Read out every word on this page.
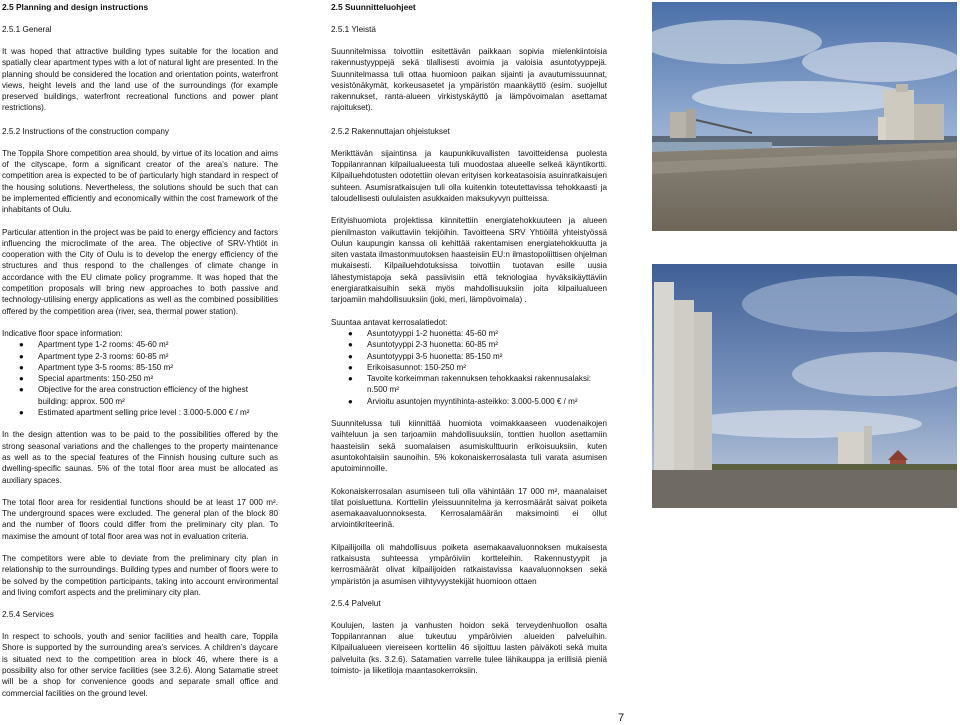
2.5 Planning and design instructions
2.5.1 General

It was hoped that attractive building types suitable for the location and spatially clear apartment types with a lot of natural light are presented. In the planning should be considered the location and orientation points, waterfront views, height levels and the land use of the surroundings (for example preserved buildings, waterfront recreational functions and power plant restrictions).

2.5.2 Instructions of the construction company

The Toppila Shore competition area should, by virtue of its location and aims of the cityscape, form a significant creator of the area’s nature. The competition area is expected to be of particularly high standard in respect of the housing solutions. Nevertheless, the solutions should be such that can be implemented efficiently and economically within the cost framework of the inhabitants of Oulu.

Particular attention in the project was be paid to energy efficiency and factors influencing the microclimate of the area. The objective of SRV-Yhtiöt in cooperation with the City of Oulu is to develop the energy efficiency of the structures and thus respond to the challenges of climate change in accordance with the EU climate policy programme. It was hoped that the competition proposals will bring new approaches to both passive and technology-utilising energy applications as well as the combined possibilities offered by the competition area (river, sea, thermal power station).

Indicative floor space information:

● Apartment type 1-2 rooms: 45-60 m²
● Apartment type 2-3 rooms: 60-85 m²
● Apartment type 3-5 rooms: 85-150 m²
● Special apartments: 150-250 m²
● Objective for the area construction efficiency of the highest building: approx. 500 m²
● Estimated apartment selling price level : 3.000-5.000 € / m²

In the design attention was to be paid to the possibilities offered by the strong seasonal variations and the challenges to the property maintenance as well as to the special features of the Finnish housing culture such as dwelling-specific saunas. 5% of the total floor area must be allocated as auxiliary spaces.

The total floor area for residential functions should be at least 17 000 m². The underground spaces were excluded. The general plan of the block 80 and the number of floors could differ from the preliminary city plan. To maximise the amount of total floor area was not in evaluation criteria.

The competitors were able to deviate from the preliminary city plan in relationship to the surroundings. Building types and number of floors were to be solved by the competition participants, taking into account environmental and living comfort aspects and the preliminary city plan.

2.5.4 Services

In respect to schools, youth and senior facilities and health care, Toppila Shore is supported by the surrounding area’s services. A children’s daycare is situated next to the competition area in block 46, where there is a possibility also for other service facilities (see 3.2.6). Along Satamatie street will be a shop for convenience goods and separate small office and commercial facilities on the ground level.

2.5 Suunnitteluohjeet
2.5.1 Yleistä

Suunnitelmissa toivottiin esitettävän paikkaan sopivia mielenkiintoisia rakennustyyppejä sekä tilallisesti avoimia ja valoisia asuntotyyppejä. Suunnitelmassa tuli ottaa huomioon paikan sijainti ja avautumissuunnat, vesistönäkymät, korkeusasetet ja ympäristön maankäyttö (esim. suojellut rakennukset, ranta-alueen virkistyskäyttö ja lämpövoimalan asettamat rajoitukset).

2.5.2 Rakennuttajan ohjeistukset

Merikttävän sijaintinsa ja kaupunkikuvallisten tavoitteidensa puolesta Toppilanrannan kilpailualueesta tuli muodostaa alueelle selkeä käyntikortti. Kilpailuehdotusten odotettiin olevan erityisen korkeatasoisia asuinratkaisujen suhteen. Asumisratkaisujen tuli olla kuitenkin toteutettavissa tehokkaasti ja taloudellisesti oululaisten asukkaiden maksukyvyn puitteissa.

Erityishuomiota projektissa kiinnitettiin energiatehokkuuteen ja alueen pienilmaston vaikuttaviin tekijöihin. Tavoitteena SRV Yhtiöillä yhteistyössä Oulun kaupungin kanssa oli kehittää rakentamisen energiatehokkuutta ja siten vastata ilmastonmuutoksen haasteisiin EU:n ilmastopoliittisen ohjelman mukaisesti. Kilpailuehdotuksissa toivottiin tuotavan esille uusia lähestymistapoja sekä passiivisiin että teknologiaa hyväksikäyttäviin energiaratkaisuihin sekä myös mahdollisuuksiin joita kilpailualueen tarjoamiin mahdollisuuksiin (joki, meri, lämpövoimala) .

Suuntaa antavat kerrosalatiedot:

● Asuntotyyppi 1-2 huonetta: 45-60 m²
● Asuntotyyppi 2-3 huonetta: 60-85 m²
● Asuntotyyppi 3-5 huonetta: 85-150 m²
● Erikoisasunnot: 150-250 m²
● Tavoite korkeimman rakennuksen tehokkaaksi rakennusalaksi: n.500 m²
● Arvioitu asuntojen myyntihinta-asteikko: 3.000-5.000 € / m²

Suunnitelussa tuli kiinnittää huomiota voimakkaaseen vuodenaikojen vaihteluun ja sen tarjoamiin mahdollisuuksiin, tonttien huollon asettamiin haasteisiin sekä suomalaisen asumiskulttuurin erikoisuuksiin, kuten asuntokohtaisiin saunoihin. 5% kokonaiskerrosalasta tuli varata asumisen aputoiminnoille.

Kokonaiskerrosalan asumiseen tuli olla vähintään 17 000 m², maanalaiset tilat poisluettuna. Kortteliin yleissuunnitelma ja kerrosmäärät saivat poiketa asemakaavaluonnoksesta. Kerrosalamäärän maksimointi ei ollut arviointikriteerinä.

Kilpailijoilla oli mahdollisuus poiketa asemakaavaluonnoksen mukaisesta ratkaisusta suhteessa ympäröiviin kortteleihin. Rakennustyypit ja kerrosmäärät olivat kilpailijoiden ratkaistavissa kaavaluonnoksen sekä ympäristön ja asumisen viihtyvyystekijät huomioon ottaen

2.5.4 Palvelut

Koulujen, lasten ja vanhusten hoidon sekä terveydenhuollon osalta Toppilanrannan alue tukeutuu ympäröivien alueiden palveluihin. Kilpailualueen viereiseen kortteliin 46 sijoittuu lasten päiväkoti sekä muita palveluita (ks. 3.2.6). Satamatien varrelle tulee lähikauppa ja erillisiä pieniä toimisto- ja liiketiloja maantasokerroksiin.

7
